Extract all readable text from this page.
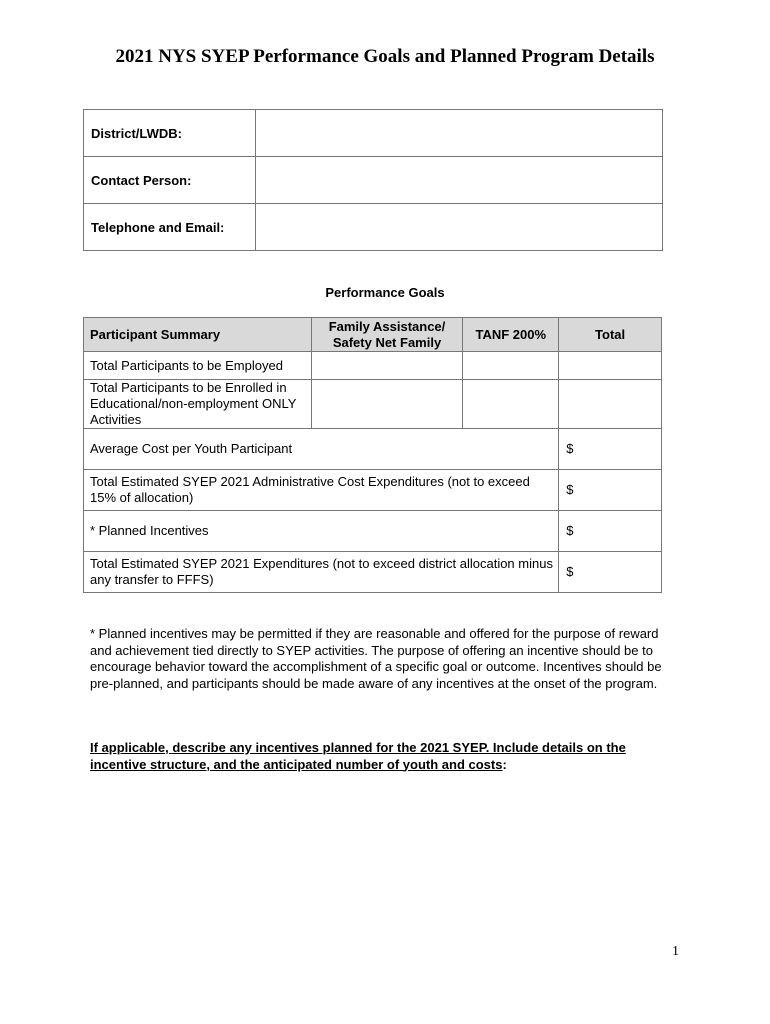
2021 NYS SYEP Performance Goals and Planned Program Details
District/LWDB:	
Contact Person:	
Telephone and Email:	
Performance Goals
Participant Summary	Family Assistance/ Safety Net Family	TANF 200%	Total
Total Participants to be Employed			
Total Participants to be Enrolled in Educational/non-employment ONLY Activities			
Average Cost per Youth Participant			$
Total Estimated SYEP 2021 Administrative Cost Expenditures (not to exceed 15% of allocation)			$
* Planned Incentives			$
Total Estimated SYEP 2021 Expenditures (not to exceed district allocation minus any transfer to FFFS)			$
* Planned incentives may be permitted if they are reasonable and offered for the purpose of reward and achievement tied directly to SYEP activities. The purpose of offering an incentive should be to encourage behavior toward the accomplishment of a specific goal or outcome. Incentives should be pre-planned, and participants should be made aware of any incentives at the onset of the program.
If applicable, describe any incentives planned for the 2021 SYEP. Include details on the incentive structure, and the anticipated number of youth and costs:
1
